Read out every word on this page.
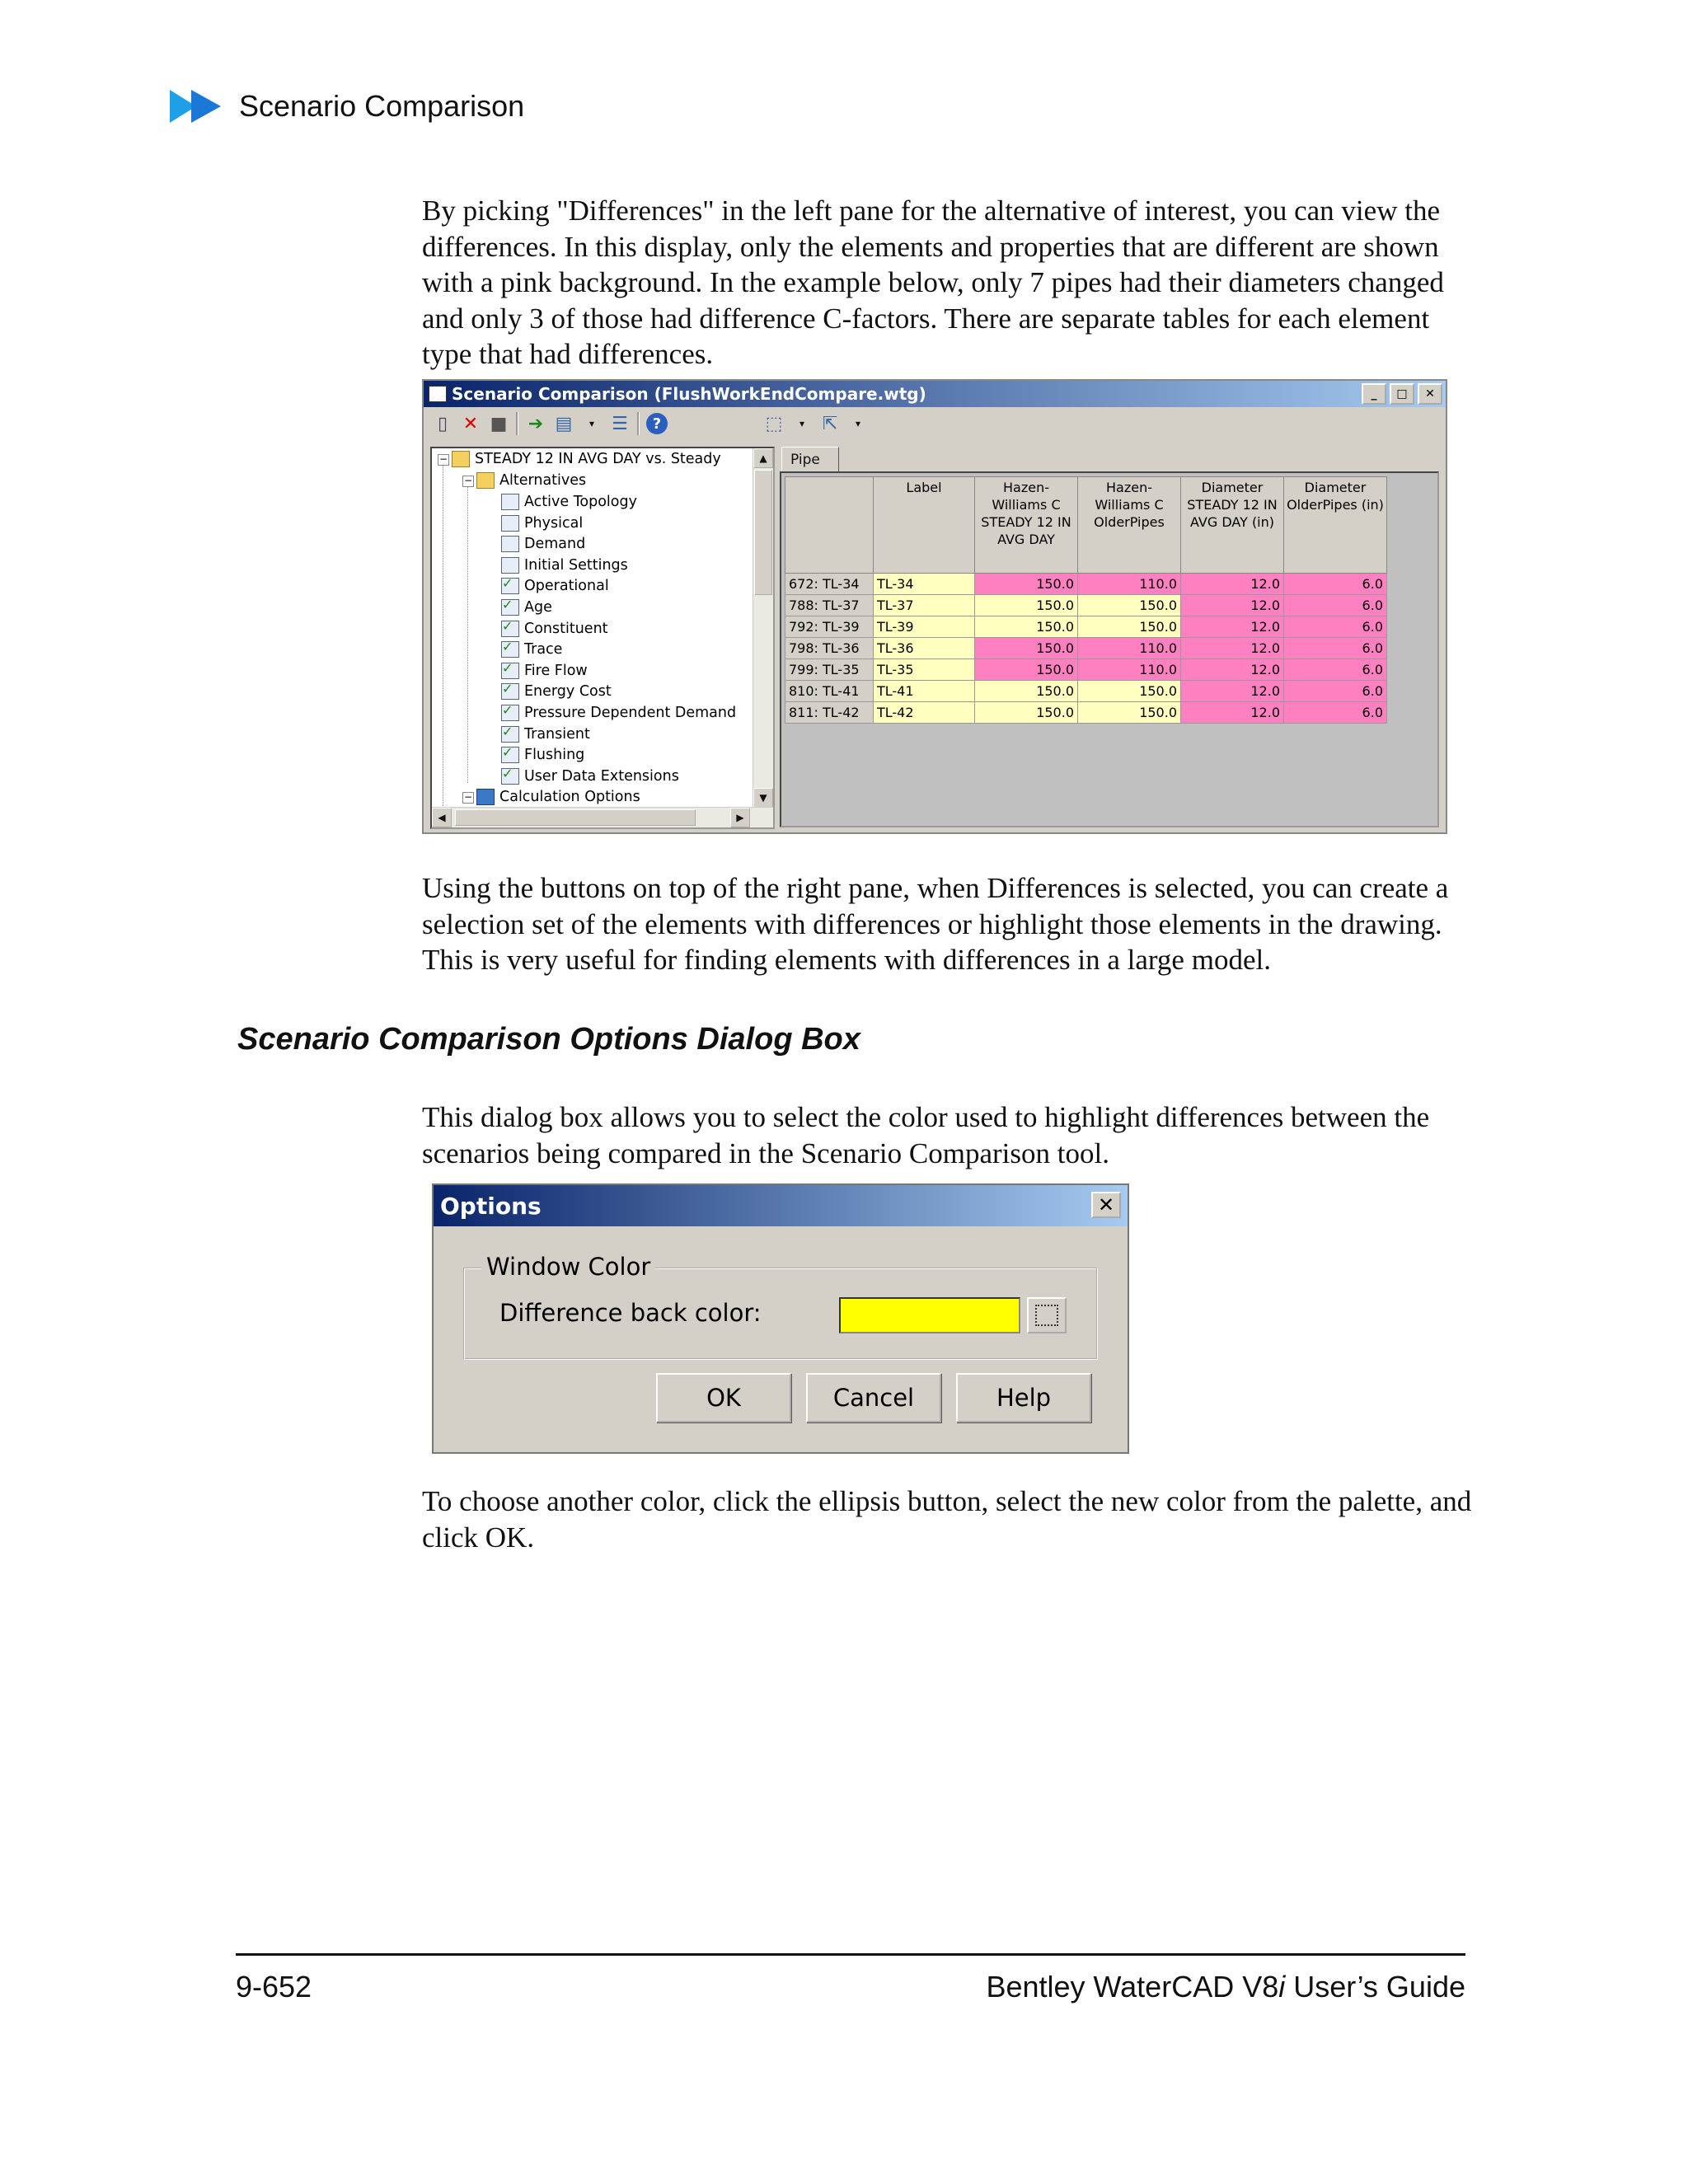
Scenario Comparison
By picking "Differences" in the left pane for the alternative of interest, you can view the differences. In this display, only the elements and properties that are different are shown with a pink background. In the example below, only 7 pipes had their diameters changed and only 3 of those had difference C-factors. There are separate tables for each element type that had differences.
Scenario Comparison (FlushWorkEndCompare.wtg)	_	□	✕
▯ ✕ ■ ➔ ▤	▾ ☰	?	⬚	▾ ⇱	▾
− STEADY 12 IN AVG DAY vs. Steady
− Alternatives
Active Topology
Physical
Demand
Initial Settings
✓
Operational
✓
Age
✓
Constituent
✓
Trace
✓
Fire Flow
✓
Energy Cost
✓
Pressure Dependent Demand
✓
Transient
✓
Flushing
✓
User Data Extensions
− Calculation Options
▲
▼
◀	▶
Pipe
	Label	Hazen-Williams C STEADY 12 IN AVG DAY	Hazen-Williams C OlderPipes	Diameter STEADY 12 IN AVG DAY (in)	Diameter OlderPipes (in)
672: TL-34	TL-34	150.0	110.0	12.0	6.0
788: TL-37	TL-37	150.0	150.0	12.0	6.0
792: TL-39	TL-39	150.0	150.0	12.0	6.0
798: TL-36	TL-36	150.0	110.0	12.0	6.0
799: TL-35	TL-35	150.0	110.0	12.0	6.0
810: TL-41	TL-41	150.0	150.0	12.0	6.0
811: TL-42	TL-42	150.0	150.0	12.0	6.0
Using the buttons on top of the right pane, when Differences is selected, you can create a selection set of the elements with differences or highlight those elements in the drawing. This is very useful for finding elements with differences in a large model.
Scenario Comparison Options Dialog Box
This dialog box allows you to select the color used to highlight differences between the scenarios being compared in the Scenario Comparison tool.
Options	✕
Window Color
Difference back color:
OK	Cancel	Help
To choose another color, click the ellipsis button, select the new color from the palette, and click OK.
9-652	Bentley WaterCAD V8i User’s Guide
